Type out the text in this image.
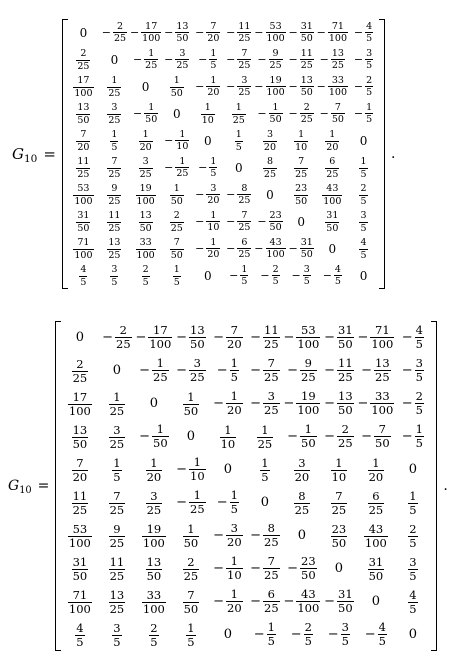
G 10 =
0	− $\frac{2}{25}$	− $\frac{17}{100}$	− $\frac{13}{50}$	− $\frac{7}{20}$	− $\frac{11}{25}$	− $\frac{53}{100}$	− $\frac{31}{50}$	− $\frac{71}{100}$	− $\frac{4}{5}$

$\frac{2}{25}$	0	− $\frac{1}{25}$	− $\frac{3}{25}$	− $\frac{1}{5}$	− $\frac{7}{25}$	− $\frac{9}{25}$	− $\frac{11}{25}$	− $\frac{13}{25}$	− $\frac{3}{5}$

$\frac{17}{100}$	$\frac{1}{25}$	0	$\frac{1}{50}$	− $\frac{1}{20}$	− $\frac{3}{25}$	− $\frac{19}{100}$	− $\frac{13}{50}$	− $\frac{33}{100}$	− $\frac{2}{5}$

$\frac{13}{50}$	$\frac{3}{25}$	− $\frac{1}{50}$	0	$\frac{1}{10}$	$\frac{1}{25}$	− $\frac{1}{50}$	− $\frac{2}{25}$	− $\frac{7}{50}$	− $\frac{1}{5}$

$\frac{7}{20}$	$\frac{1}{5}$	$\frac{1}{20}$	− $\frac{1}{10}$	0	$\frac{1}{5}$	$\frac{3}{20}$	$\frac{1}{10}$	$\frac{1}{20}$	0

$\frac{11}{25}$	$\frac{7}{25}$	$\frac{3}{25}$	− $\frac{1}{25}$	− $\frac{1}{5}$	0	$\frac{8}{25}$	$\frac{7}{25}$	$\frac{6}{25}$	$\frac{1}{5}$

$\frac{53}{100}$	$\frac{9}{25}$	$\frac{19}{100}$	$\frac{1}{50}$	− $\frac{3}{20}$	− $\frac{8}{25}$	0	$\frac{23}{50}$	$\frac{43}{100}$	$\frac{2}{5}$

$\frac{31}{50}$	$\frac{11}{25}$	$\frac{13}{50}$	$\frac{2}{25}$	− $\frac{1}{10}$	− $\frac{7}{25}$	− $\frac{23}{50}$	0	$\frac{31}{50}$	$\frac{3}{5}$

$\frac{71}{100}$	$\frac{13}{25}$	$\frac{33}{100}$	$\frac{7}{50}$	− $\frac{1}{20}$	− $\frac{6}{25}$	− $\frac{43}{100}$	− $\frac{31}{50}$	0	$\frac{4}{5}$

$\frac{4}{5}$	$\frac{3}{5}$	$\frac{2}{5}$	$\frac{1}{5}$	0	− $\frac{1}{5}$	− $\frac{2}{5}$	− $\frac{3}{5}$	− $\frac{4}{5}$	0
.
G 10 =
0	− $\frac{2}{25}$	− $\frac{17}{100}$	− $\frac{13}{50}$	− $\frac{7}{20}$	− $\frac{11}{25}$	− $\frac{53}{100}$	− $\frac{31}{50}$	− $\frac{71}{100}$	− $\frac{4}{5}$

$\frac{2}{25}$	0	− $\frac{1}{25}$	− $\frac{3}{25}$	− $\frac{1}{5}$	− $\frac{7}{25}$	− $\frac{9}{25}$	− $\frac{11}{25}$	− $\frac{13}{25}$	− $\frac{3}{5}$

$\frac{17}{100}$	$\frac{1}{25}$	0	$\frac{1}{50}$	− $\frac{1}{20}$	− $\frac{3}{25}$	− $\frac{19}{100}$	− $\frac{13}{50}$	− $\frac{33}{100}$	− $\frac{2}{5}$

$\frac{13}{50}$	$\frac{3}{25}$	− $\frac{1}{50}$	0	$\frac{1}{10}$	$\frac{1}{25}$	− $\frac{1}{50}$	− $\frac{2}{25}$	− $\frac{7}{50}$	− $\frac{1}{5}$

$\frac{7}{20}$	$\frac{1}{5}$	$\frac{1}{20}$	− $\frac{1}{10}$	0	$\frac{1}{5}$	$\frac{3}{20}$	$\frac{1}{10}$	$\frac{1}{20}$	0

$\frac{11}{25}$	$\frac{7}{25}$	$\frac{3}{25}$	− $\frac{1}{25}$	− $\frac{1}{5}$	0	$\frac{8}{25}$	$\frac{7}{25}$	$\frac{6}{25}$	$\frac{1}{5}$

$\frac{53}{100}$	$\frac{9}{25}$	$\frac{19}{100}$	$\frac{1}{50}$	− $\frac{3}{20}$	− $\frac{8}{25}$	0	$\frac{23}{50}$	$\frac{43}{100}$	$\frac{2}{5}$

$\frac{31}{50}$	$\frac{11}{25}$	$\frac{13}{50}$	$\frac{2}{25}$	− $\frac{1}{10}$	− $\frac{7}{25}$	− $\frac{23}{50}$	0	$\frac{31}{50}$	$\frac{3}{5}$

$\frac{71}{100}$	$\frac{13}{25}$	$\frac{33}{100}$	$\frac{7}{50}$	− $\frac{1}{20}$	− $\frac{6}{25}$	− $\frac{43}{100}$	− $\frac{31}{50}$	0	$\frac{4}{5}$

$\frac{4}{5}$	$\frac{3}{5}$	$\frac{2}{5}$	$\frac{1}{5}$	0	− $\frac{1}{5}$	− $\frac{2}{5}$	− $\frac{3}{5}$	− $\frac{4}{5}$	0
.
